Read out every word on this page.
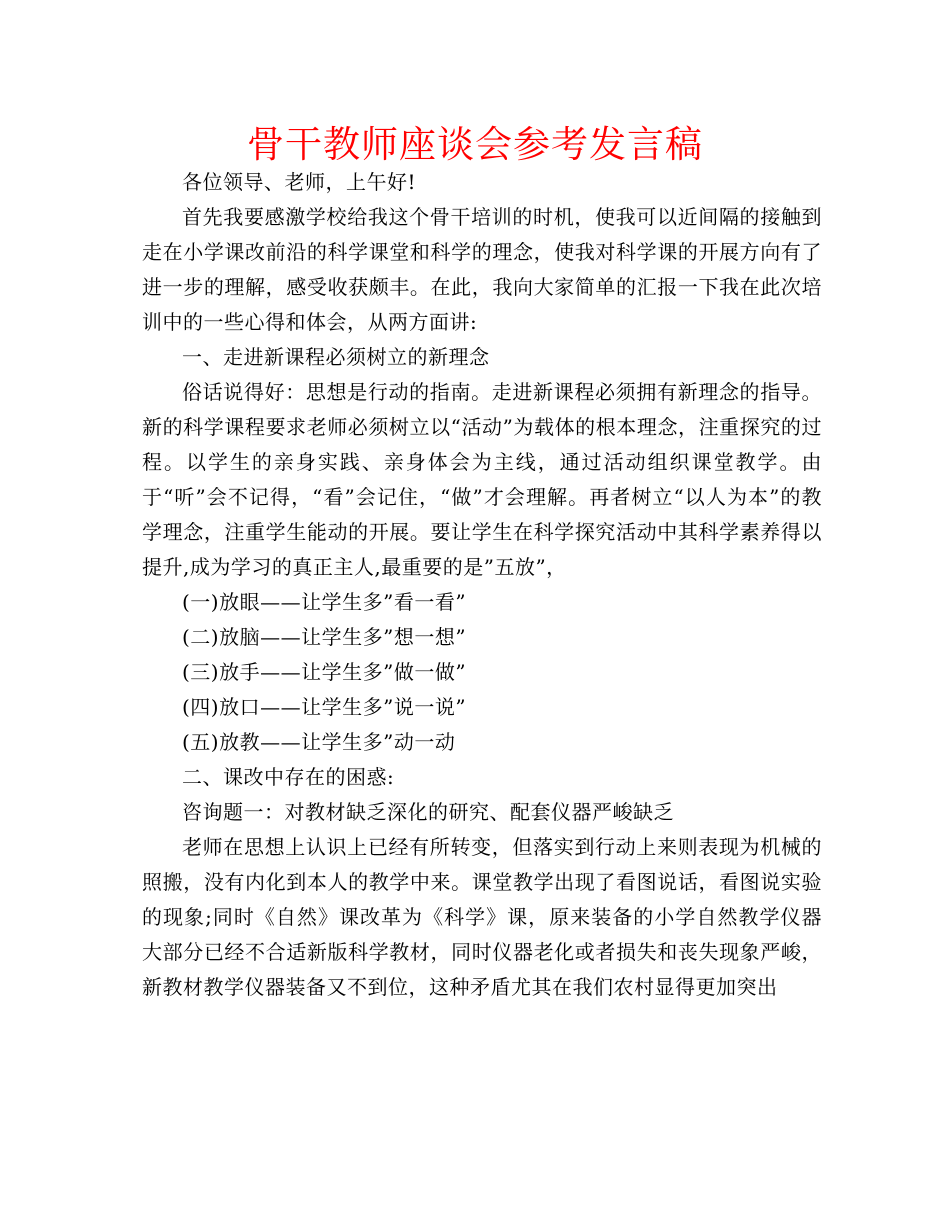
骨干教师座谈会参考发言稿

各位领导、老师，上午好!

首先我要感激学校给我这个骨干培训的时机，使我可以近间隔的接触到走在小学课改前沿的科学课堂和科学的理念，使我对科学课的开展方向有了进一步的理解，感受收获颇丰。在此，我向大家简单的汇报一下我在此次培训中的一些心得和体会，从两方面讲:

一、走进新课程必须树立的新理念

俗话说得好：思想是行动的指南。走进新课程必须拥有新理念的指导。新的科学课程要求老师必须树立以“活动”为载体的根本理念，注重探究的过程。以学生的亲身实践、亲身体会为主线，通过活动组织课堂教学。由于“听”会不记得，“看”会记住，“做”才会理解。再者树立“以人为本”的教学理念，注重学生能动的开展。要让学生在科学探究活动中其科学素养得以提升,成为学习的真正主人,最重要的是”五放”，

(一)放眼——让学生多”看一看”

(二)放脑——让学生多”想一想”

(三)放手——让学生多”做一做”

(四)放口——让学生多”说一说”

(五)放教——让学生多”动一动

二、课改中存在的困惑:

咨询题一：对教材缺乏深化的研究、配套仪器严峻缺乏

老师在思想上认识上已经有所转变，但落实到行动上来则表现为机械的照搬，没有内化到本人的教学中来。课堂教学出现了看图说话，看图说实验的现象;同时《自然》课改革为《科学》课，原来装备的小学自然教学仪器大部分已经不合适新版科学教材，同时仪器老化或者损失和丧失现象严峻，新教材教学仪器装备又不到位，这种矛盾尤其在我们农村显得更加突出
